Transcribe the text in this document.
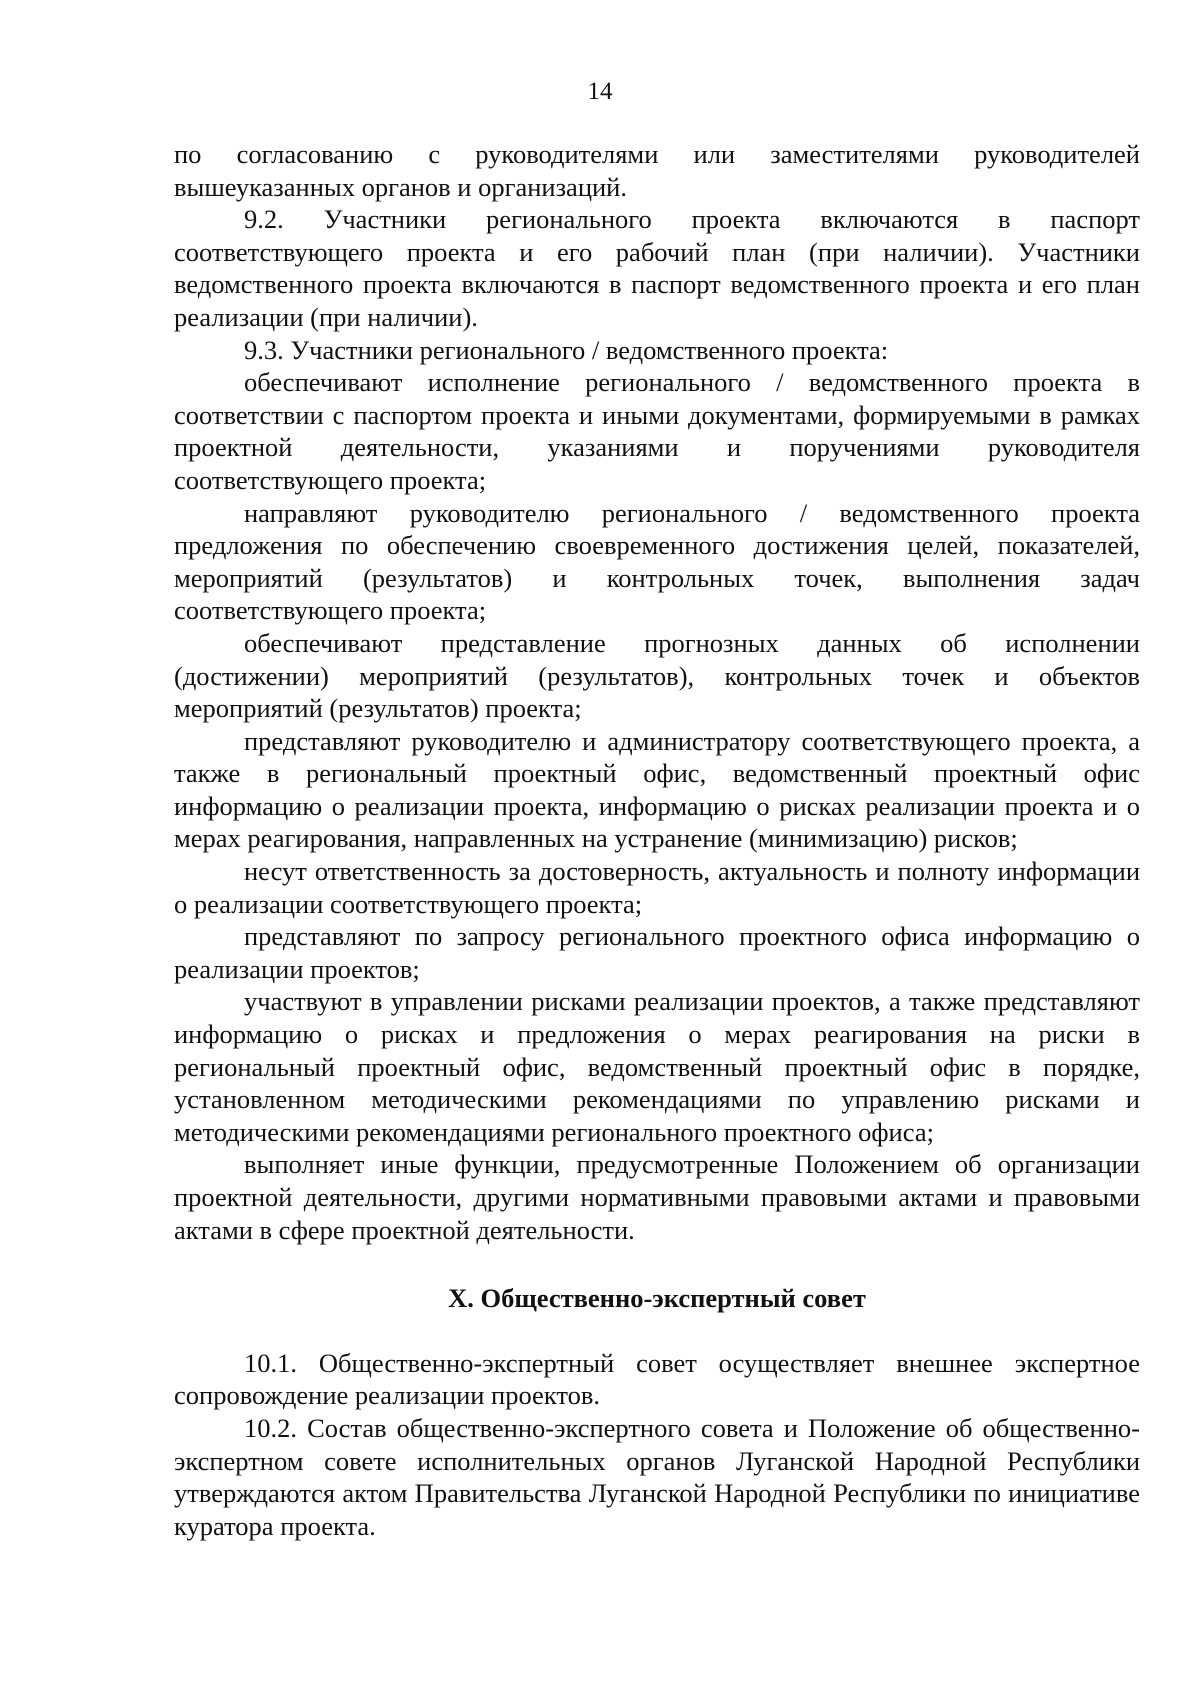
14

по согласованию с руководителями или заместителями руководителей вышеуказанных органов и организаций.

9.2. Участники регионального проекта включаются в паспорт соответствующего проекта и его рабочий план (при наличии). Участники ведомственного проекта включаются в паспорт ведомственного проекта и его план реализации (при наличии).

9.3. Участники регионального / ведомственного проекта:

обеспечивают исполнение регионального / ведомственного проекта в соответствии с паспортом проекта и иными документами, формируемыми в рамках проектной деятельности, указаниями и поручениями руководителя соответствующего проекта;

направляют руководителю регионального / ведомственного проекта предложения по обеспечению своевременного достижения целей, показателей, мероприятий (результатов) и контрольных точек, выполнения задач соответствующего проекта;

обеспечивают представление прогнозных данных об исполнении (достижении) мероприятий (результатов), контрольных точек и объектов мероприятий (результатов) проекта;

представляют руководителю и администратору соответствующего проекта, а также в региональный проектный офис, ведомственный проектный офис информацию о реализации проекта, информацию о рисках реализации проекта и о мерах реагирования, направленных на устранение (минимизацию) рисков;

несут ответственность за достоверность, актуальность и полноту информации о реализации соответствующего проекта;

представляют по запросу регионального проектного офиса информацию о реализации проектов;

участвуют в управлении рисками реализации проектов, а также представляют информацию о рисках и предложения о мерах реагирования на риски в региональный проектный офис, ведомственный проектный офис в порядке, установленном методическими рекомендациями по управлению рисками и методическими рекомендациями регионального проектного офиса;

выполняет иные функции, предусмотренные Положением об организации проектной деятельности, другими нормативными правовыми актами и правовыми актами в сфере проектной деятельности.

X. Общественно-экспертный совет

10.1. Общественно-экспертный совет осуществляет внешнее экспертное сопровождение реализации проектов.

10.2. Состав общественно-экспертного совета и Положение об общественно-экспертном совете исполнительных органов Луганской Народной Республики утверждаются актом Правительства Луганской Народной Республики по инициативе куратора проекта.
